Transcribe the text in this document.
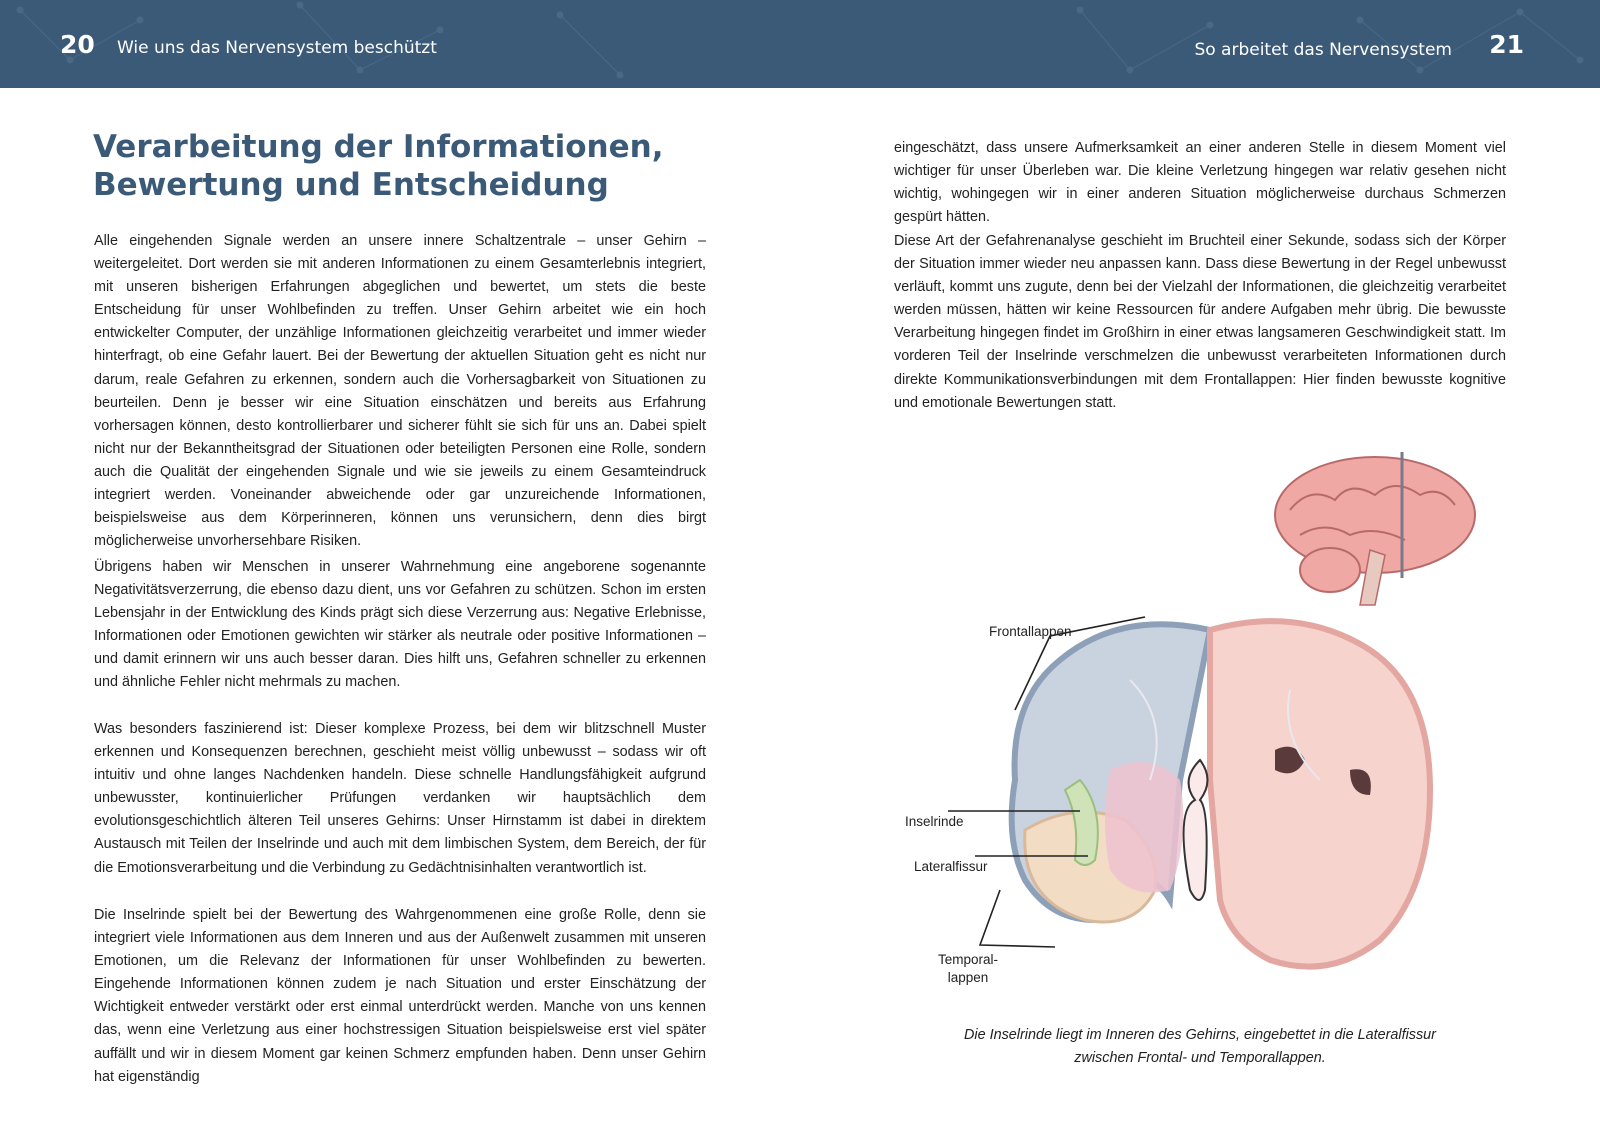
20 Wie uns das Nervensystem beschützt	So arbeitet das Nervensystem 21
Verarbeitung der Informationen,
Bewertung und Entscheidung

Alle eingehenden Signale werden an unsere innere Schaltzentrale – unser Gehirn – weitergeleitet. Dort werden sie mit anderen Informationen zu einem Gesamterlebnis integriert, mit unseren bisherigen Erfahrungen abgeglichen und bewertet, um stets die beste Entscheidung für unser Wohlbefinden zu treffen. Unser Gehirn arbeitet wie ein hoch entwickelter Computer, der unzählige Informationen gleichzeitig verarbeitet und immer wieder hinterfragt, ob eine Gefahr lauert. Bei der Bewertung der aktuellen Situation geht es nicht nur darum, reale Gefahren zu erkennen, sondern auch die Vorhersagbarkeit von Situationen zu beurteilen. Denn je besser wir eine Situation einschätzen und bereits aus Erfahrung vorhersagen können, desto kontrollierbarer und sicherer fühlt sie sich für uns an. Dabei spielt nicht nur der Bekanntheitsgrad der Situationen oder beteiligten Personen eine Rolle, sondern auch die Qualität der eingehenden Signale und wie sie jeweils zu einem Gesamteindruck integriert werden. Voneinander abweichende oder gar unzureichende Informationen, beispielsweise aus dem Körperinneren, können uns verunsichern, denn dies birgt möglicherweise unvorhersehbare Risiken.

Übrigens haben wir Menschen in unserer Wahrnehmung eine angeborene sogenannte Negativitätsverzerrung, die ebenso dazu dient, uns vor Gefahren zu schützen. Schon im ersten Lebensjahr in der Entwicklung des Kinds prägt sich diese Verzerrung aus: Negative Erlebnisse, Informationen oder Emotionen gewichten wir stärker als neutrale oder positive Informationen – und damit erinnern wir uns auch besser daran. Dies hilft uns, Gefahren schneller zu erkennen und ähnliche Fehler nicht mehrmals zu machen.

Was besonders faszinierend ist: Dieser komplexe Prozess, bei dem wir blitzschnell Muster erkennen und Konsequenzen berechnen, geschieht meist völlig unbewusst – sodass wir oft intuitiv und ohne langes Nachdenken handeln. Diese schnelle Handlungsfähigkeit aufgrund unbewusster, kontinuierlicher Prüfungen verdanken wir hauptsächlich dem evolutionsgeschichtlich älteren Teil unseres Gehirns: Unser Hirnstamm ist dabei in direktem Austausch mit Teilen der Inselrinde und auch mit dem limbischen System, dem Bereich, der für die Emotionsverarbeitung und die Verbindung zu Gedächtnisinhalten verantwortlich ist.

Die Inselrinde spielt bei der Bewertung des Wahrgenommenen eine große Rolle, denn sie integriert viele Informationen aus dem Inneren und aus der Außenwelt zusammen mit unseren Emotionen, um die Relevanz der Informationen für unser Wohlbefinden zu bewerten. Eingehende Informationen können zudem je nach Situation und erster Einschätzung der Wichtigkeit entweder verstärkt oder erst einmal unterdrückt werden. Manche von uns kennen das, wenn eine Verletzung aus einer hochstressigen Situation beispielsweise erst viel später auffällt und wir in diesem Moment gar keinen Schmerz empfunden haben. Denn unser Gehirn hat eigenständig

eingeschätzt, dass unsere Aufmerksamkeit an einer anderen Stelle in diesem Moment viel wichtiger für unser Überleben war. Die kleine Verletzung hingegen war relativ gesehen nicht wichtig, wohingegen wir in einer anderen Situation möglicherweise durchaus Schmerzen gespürt hätten.

Diese Art der Gefahrenanalyse geschieht im Bruchteil einer Sekunde, sodass sich der Körper der Situation immer wieder neu anpassen kann. Dass diese Bewertung in der Regel unbewusst verläuft, kommt uns zugute, denn bei der Vielzahl der Informationen, die gleichzeitig verarbeitet werden müssen, hätten wir keine Ressourcen für andere Aufgaben mehr übrig. Die bewusste Verarbeitung hingegen findet im Großhirn in einer etwas langsameren Geschwindigkeit statt. Im vorderen Teil der Inselrinde verschmelzen die unbewusst verarbeiteten Informationen durch direkte Kommunikationsverbindungen mit dem Frontallappen: Hier finden bewusste kognitive und emotionale Bewertungen statt.

Frontallappen
Inselrinde
Lateralfissur
Temporal-
lappen
Die Inselrinde liegt im Inneren des Gehirns, eingebettet in die Lateralfissur
zwischen Frontal- und Temporallappen.
